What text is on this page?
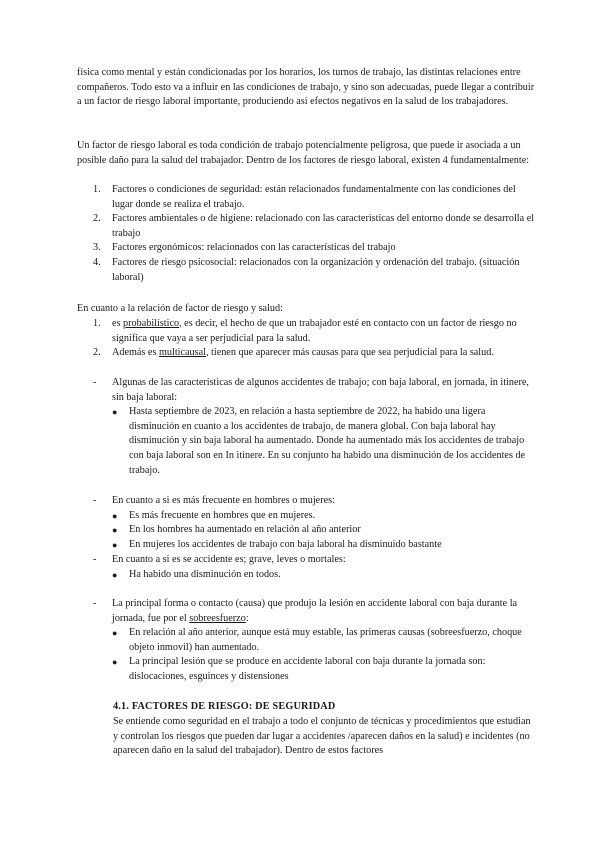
física como mental y están condicionadas por los horarios, los turnos de trabajo, las distintas relaciones entre compañeros. Todo esto va a influir en las condiciones de trabajo, y sino son adecuadas, puede llegar a contribuir a un factor de riesgo laboral importante, produciendo así efectos negativos en la salud de los trabajadores.

Un factor de riesgo laboral es toda condición de trabajo potencialmente peligrosa, que puede ir asociada a un posible daño para la salud del trabajador. Dentro de los factores de riesgo laboral, existen 4 fundamentalmente:

1. Factores o condiciones de seguridad: están relacionados fundamentalmente con las condiciones del lugar donde se realiza el trabajo.
2. Factores ambientales o de higiene: relacionado con las características del entorno donde se desarrolla el trabajo
3. Factores ergonómicos: relacionados con las características del trabajo
4. Factores de riesgo psicosocial: relacionados con la organización y ordenación del trabajo. (situación laboral)

En cuanto a la relación de factor de riesgo y salud:

1. es probabilístico, es decir, el hecho de que un trabajador esté en contacto con un factor de riesgo no significa que vaya a ser perjudicial para la salud.
2. Además es multicausal, tienen que aparecer más causas para que sea perjudicial para la salud.
- Algunas de las características de algunos accidentes de trabajo; con baja laboral, en jornada, in itinere, sin baja laboral:
● Hasta septiembre de 2023, en relación a hasta septiembre de 2022, ha habido una ligera disminución en cuanto a los accidentes de trabajo, de manera global. Con baja laboral hay disminución y sin baja laboral ha aumentado. Donde ha aumentado más los accidentes de trabajo con baja laboral son en In itinere. En su conjunto ha habido una disminución de los accidentes de trabajo.
- En cuanto a si es más frecuente en hombres o mujeres:
● Es más frecuente en hombres que en mujeres.
● En los hombres ha aumentado en relación al año anterior
● En mujeres los accidentes de trabajo con baja laboral ha disminuido bastante
- En cuanto a si es se accidente es; grave, leves o mortales:
● Ha habido una disminución en todos.
- La principal forma o contacto (causa) que produjo la lesión en accidente laboral con baja durante la jornada, fue por el sobreesfuerzo:
● En relación al año anterior, aunque está muy estable, las primeras causas (sobreesfuerzo, choque objeto inmovil) han aumentado.
● La principal lesión que se produce en accidente laboral con baja durante la jornada son: dislocaciones, esguinces y distensiones
4.1. FACTORES DE RIESGO: DE SEGURIDAD

Se entiende como seguridad en el trabajo a todo el conjunto de técnicas y procedimientos que estudian y controlan los riesgos que pueden dar lugar a accidentes /aparecen daños en la salud) e incidentes (no aparecen daño en la salud del trabajador). Dentro de estos factores
